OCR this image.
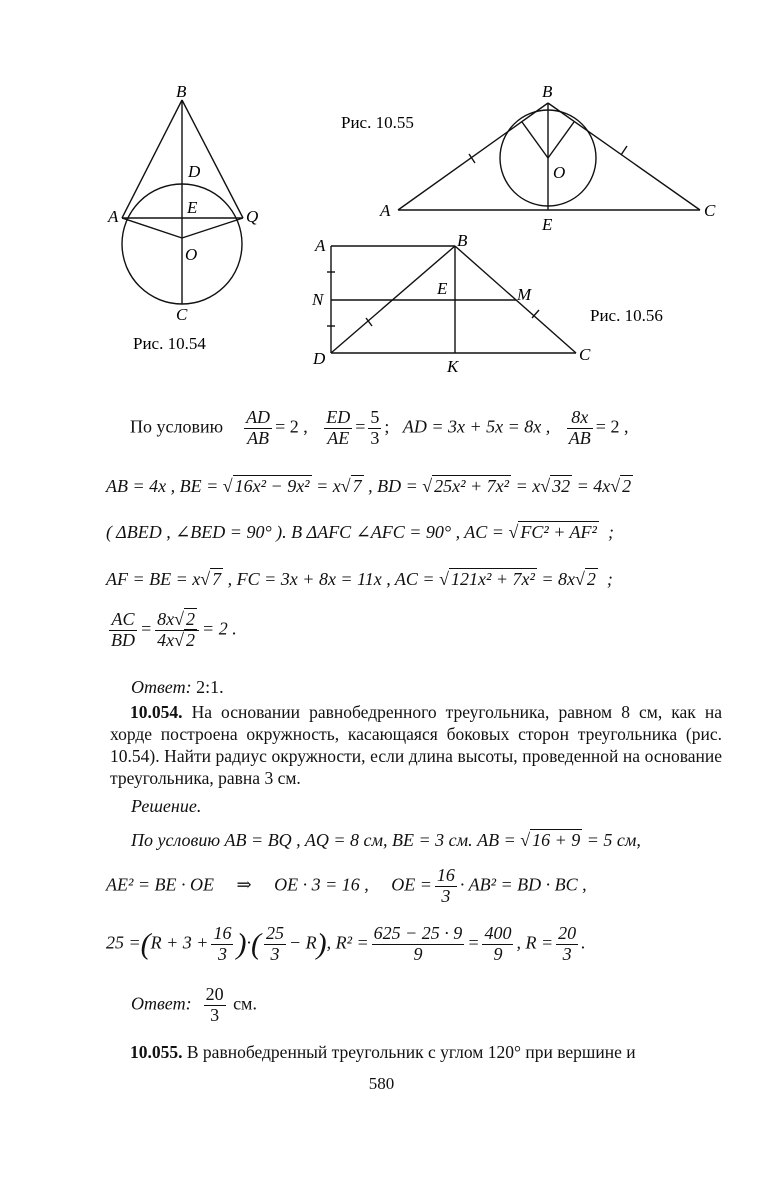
B
D
E
A	Q
O
C
Рис. 10.54
Рис. 10.55
B
O
A
E
C
A	B
N
E	M
D	K
C
Рис. 10.56
По условию $\frac{AD}{AB} = 2$ , $\frac{ED}{AE} = \frac{5}{3}$ ; AD = 3x + 5x = 8x , $\frac{8x}{AB} = 2$ ,
AB = 4x , BE = √ 16x² − 9x² = x√ 7 , BD = √ 25x² + 7x² = x√ 32 = 4x√ 2
( ΔBED , ∠BED = 90° ). В ΔAFC ∠AFC = 90° , AC = √ FC² + AF² ;
AF = BE = x√ 7 , FC = 3x + 8x = 11x , AC = √ 121x² + 7x² = 8x√ 2 ;
$\frac{AC}{BD} = \frac{8x√ 2}{4x√ 2} = 2$ .
Ответ: 2:1.
10.054. На основании равнобедренного треугольника, равном 8 см, как на хорде построена окружность, касающаяся боковых сторон треугольника (рис. 10.54). Найти радиус окружности, если длина высоты, проведенной на основание треугольника, равна 3 см.
Решение.
По условию AB = BQ , AQ = 8 см, BE = 3 см. AB = √ 16 + 9 = 5 см,
AE² = BE · OE ⇒ OE · 3 = 16 , OE = $\frac{16}{3} \cdot AB^2$ = BD · BC ,
$25 =(R + 3 + \frac{16}{3}$ )·( $\frac{25}{3} - R$), $R^2 = \frac{625 - 25 \cdot 9}{9} = \frac{400}{9}$ , $R = \frac{20}{3}$ .
Ответ: $\frac{20}{3}$ см.
10.055. В равнобедренный треугольник с углом 120° при вершине и
580
